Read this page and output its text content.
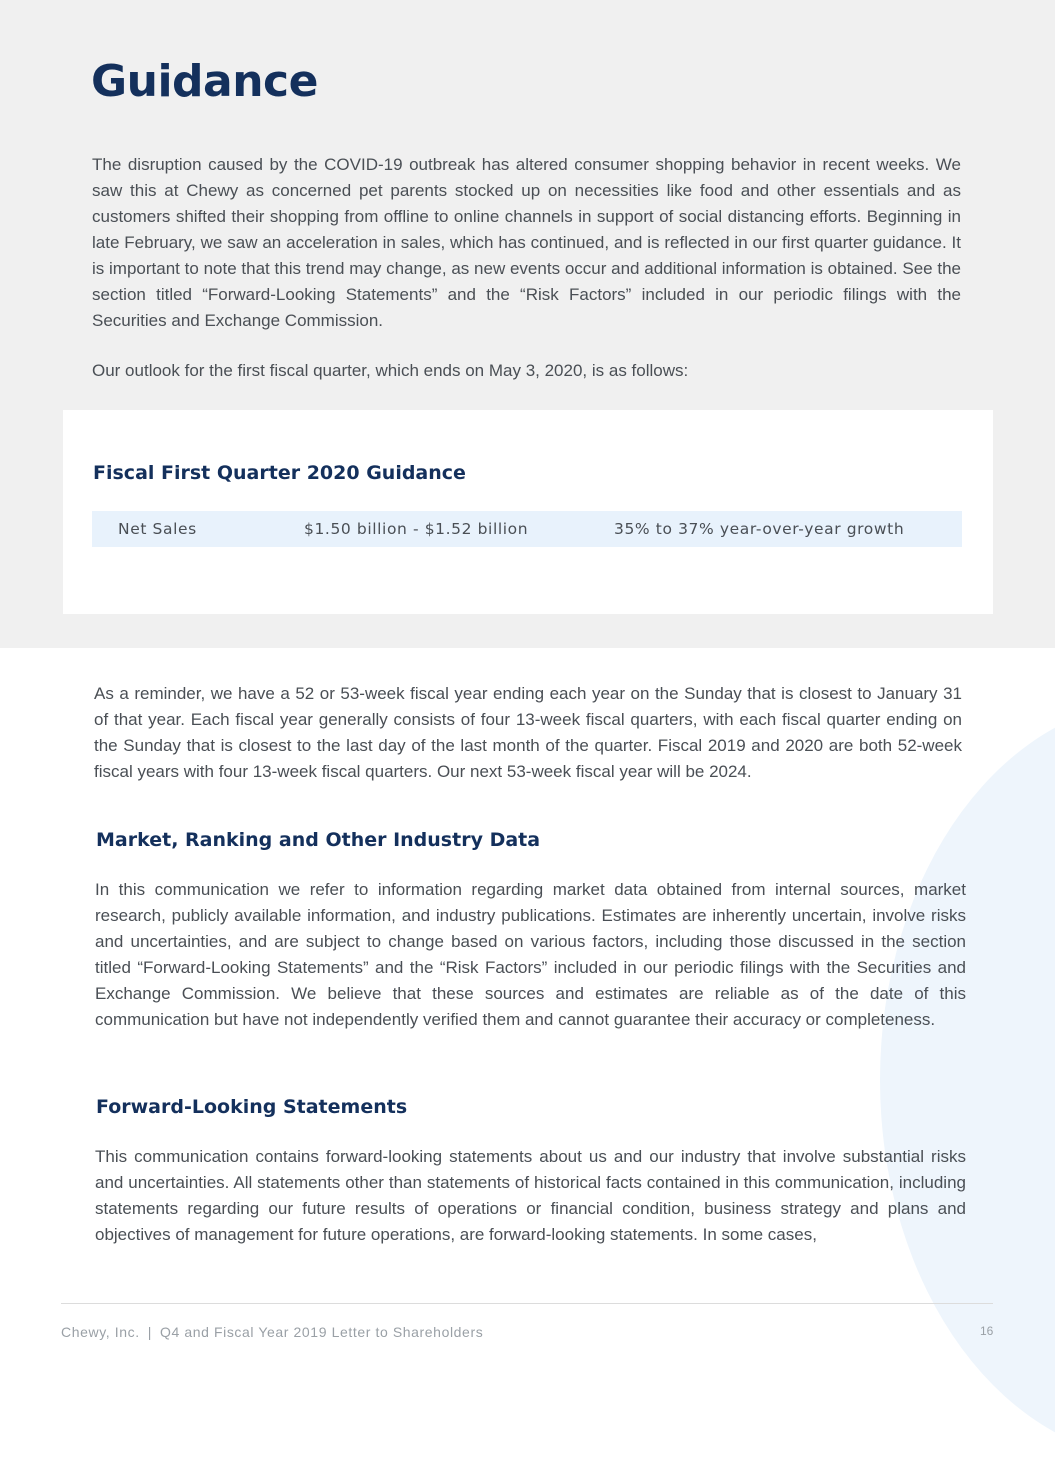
Guidance

The disruption caused by the COVID-19 outbreak has altered consumer shopping behavior in recent weeks. We saw this at Chewy as concerned pet parents stocked up on necessities like food and other essentials and as customers shifted their shopping from offline to online channels in support of social distancing efforts. Beginning in late February, we saw an acceleration in sales, which has continued, and is reflected in our first quarter guidance. It is important to note that this trend may change, as new events occur and additional information is obtained. See the section titled “Forward-Looking Statements” and the “Risk Factors” included in our periodic filings with the Securities and Exchange Commission.

Our outlook for the first fiscal quarter, which ends on May 3, 2020, is as follows:

Fiscal First Quarter 2020 Guidance
Net Sales	$1.50 billion - $1.52 billion	35% to 37% year-over-year growth

As a reminder, we have a 52 or 53-week fiscal year ending each year on the Sunday that is closest to January 31 of that year. Each fiscal year generally consists of four 13-week fiscal quarters, with each fiscal quarter ending on the Sunday that is closest to the last day of the last month of the quarter. Fiscal 2019 and 2020 are both 52-week fiscal years with four 13-week fiscal quarters. Our next 53-week fiscal year will be 2024.

Market, Ranking and Other Industry Data

In this communication we refer to information regarding market data obtained from internal sources, market research, publicly available information, and industry publications. Estimates are inherently uncertain, involve risks and uncertainties, and are subject to change based on various factors, including those discussed in the section titled “Forward-Looking Statements” and the “Risk Factors” included in our periodic filings with the Securities and Exchange Commission. We believe that these sources and estimates are reliable as of the date of this communication but have not independently verified them and cannot guarantee their accuracy or completeness.

Forward-Looking Statements

This communication contains forward-looking statements about us and our industry that involve substantial risks and uncertainties. All statements other than statements of historical facts contained in this communication, including statements regarding our future results of operations or financial condition, business strategy and plans and objectives of management for future operations, are forward-looking statements. In some cases,

Chewy, Inc. | Q4 and Fiscal Year 2019 Letter to Shareholders	16
